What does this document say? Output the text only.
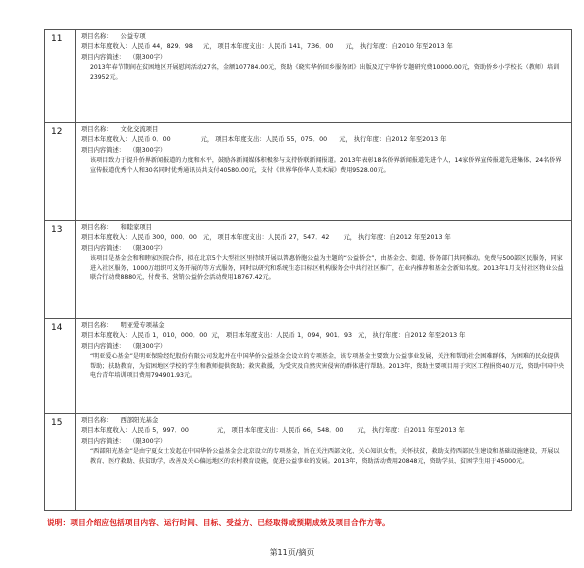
11	项目名称： 公益专项
项目本年度收入：人民币 44，829．98 元， 项目本年度支出：人民币 141，736．00 元， 执行年度：自2010 年至2013 年
项目内容简述： （限300字）
2013年春节期间在贫困地区开展慰问活动27名，金额107784.00元，资助《晓实华侨回乡服务团》出版及辽宁华侨专题研究费10000.00元，资助侨乡小学校长（教师）培训23952元。

12	项目名称： 文化交流项目
项目本年度收入：人民币 0．00 元， 项目本年度支出：人民币 55，075．00 元， 执行年度：自2012 年至2013 年
项目内容简述： （限300字）
该项目致力于提升侨界新闻报道的力度和水平，鼓励各新闻媒体积极参与支持侨联新闻报道。2013年表彰18名侨界新闻报道先进个人，14家侨界宣传报道先进集体、24名侨界宣传报道优秀个人和30名同时优秀通讯员共支付40580.00元，支付《世界华侨华人美术展》费用9528.00元。

13	项目名称： 和睦家项目
项目本年度收入：人民币 300，000．00 元， 项目本年度支出：人民币 27，547．42 元， 执行年度：自2012 年至2013 年
项目内容简述： （限300字）
该项目是基金会和和睦家医院合作，拟在北京5个大型社区里持续开展以普惠侨胞公益为主题的“公益侨会”，由基金会、街道、侨务部门共同推动。免费与500部区民服务，同家进入社区服务，1000万组织可义务开展的等方式服务，同时以研究和系统生态目标区机构服务会中共行社区推广，在业内推荐和基金会新知名度。2013年1月支付社区物业公益联合行动费8880元，付费书、营销公益侨会活动费用18767.42元。

14	项目名称： 明亚爱专项基金
项目本年度收入：人民币 1，010，000．00 元， 项目本年度支出：人民币 1，094，901．93 元， 执行年度：自2012 年至2013 年
项目内容简述： （限300字）
“明亚爱心基金”是明亚保险经纪股份有限公司发起并在中国华侨公益基金会设立的专项基金，该专项基金主要致力公益事业发展，关注和帮助社会困难群体，为困难的民众提供帮助；扶助教育，为贫困地区学校的学生和教师提供资助；救灾救援，为受灾及自然灾害侵害的群体进行帮助。2013年，资助主要项目用于灾区工程捐资40万元，资助中国中央电台青年培训项目费用794901.93元。

15	项目名称： 西部阳光基金
项目本年度收入：人民币 5，997．00 元， 项目本年度支出：人民币 66，548．00 元， 执行年度：自2011 年至2013 年
项目内容简述： （限300字）
“西部阳光基金”是由宁夏女士发起在中国华侨公益基金会北京设立的专项基金，旨在关注西部文化、关心知识女性，关怀扶贫，救助支持西部民生建设和基础设施建设，开展以教育、医疗救助、扶贫助学，改善及关心偏远地区的农村教育设施，促进公益事业的发展。2013年，资助活动费用20848元，资助学员、贫困学生用于45000元。
说明：项目介绍应包括项目内容、运行时间、目标、受益方、已经取得或预期成效及项目合作方等。
第11页/摘页
